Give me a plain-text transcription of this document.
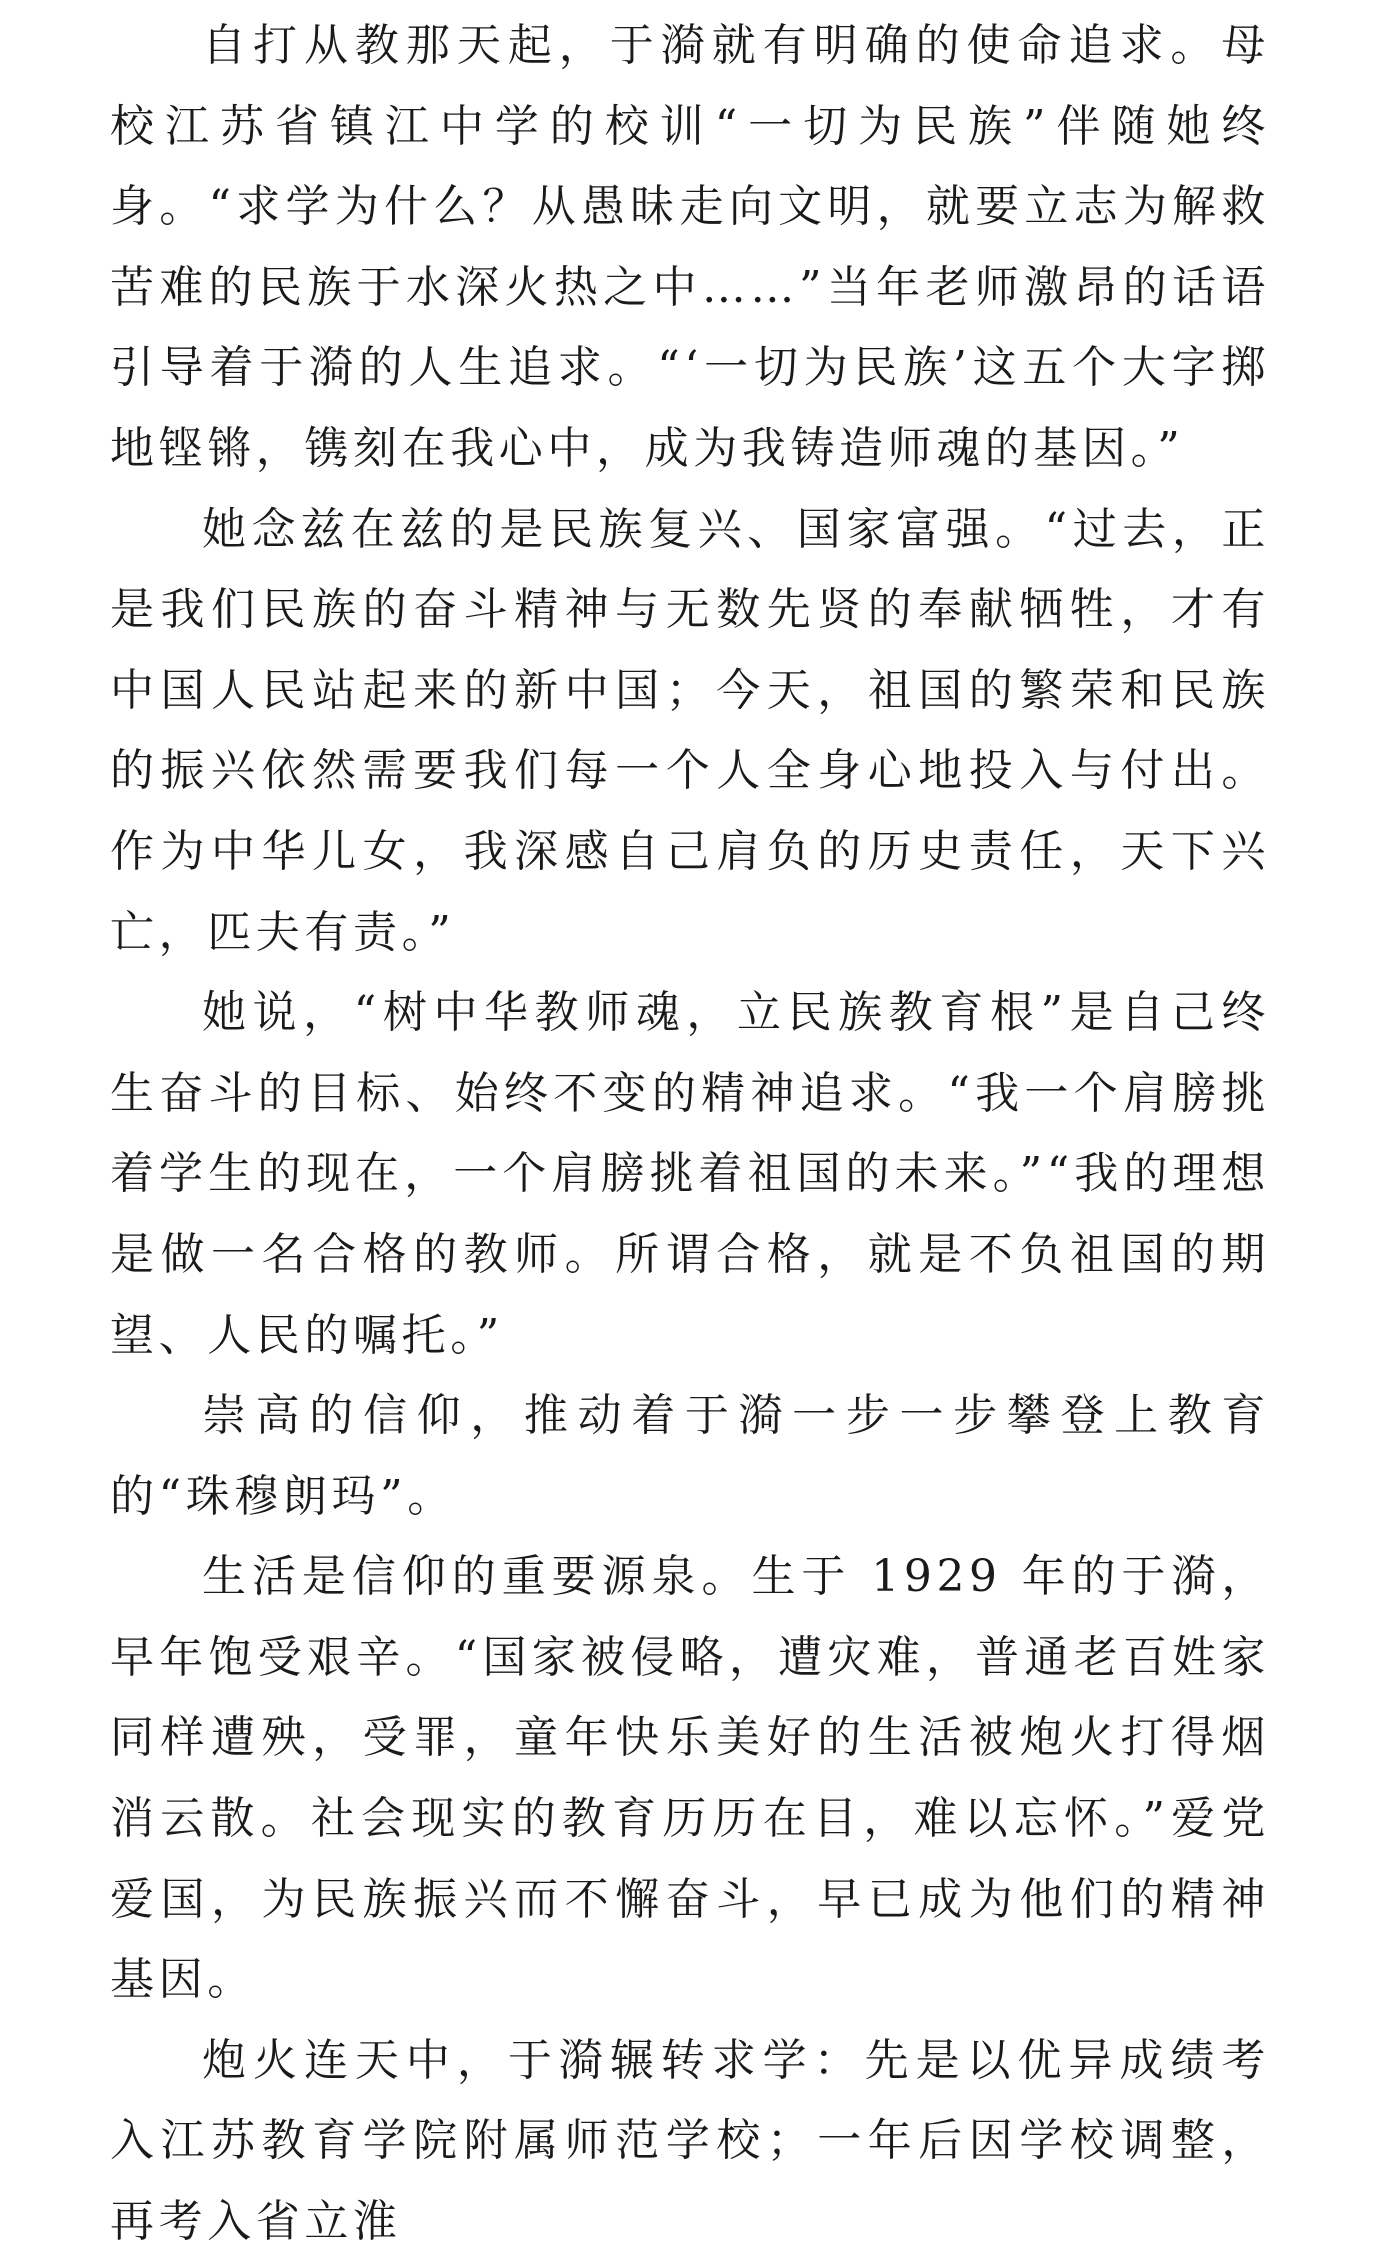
自打从教那天起，于漪就有明确的使命追求。母校江苏省镇江中学的校训“一切为民族”伴随她终身。“求学为什么？从愚昧走向文明，就要立志为解救苦难的民族于水深火热之中……”当年老师激昂的话语引导着于漪的人生追求。“‘一切为民族’这五个大字掷地铿锵，镌刻在我心中，成为我铸造师魂的基因。”

她念兹在兹的是民族复兴、国家富强。“过去，正是我们民族的奋斗精神与无数先贤的奉献牺牲，才有中国人民站起来的新中国；今天，祖国的繁荣和民族的振兴依然需要我们每一个人全身心地投入与付出。作为中华儿女，我深感自己肩负的历史责任，天下兴亡，匹夫有责。”

她说，“树中华教师魂，立民族教育根”是自己终生奋斗的目标、始终不变的精神追求。“我一个肩膀挑着学生的现在，一个肩膀挑着祖国的未来。”“我的理想是做一名合格的教师。所谓合格，就是不负祖国的期望、人民的嘱托。”

崇高的信仰，推动着于漪一步一步攀登上教育的“珠穆朗玛”。

生活是信仰的重要源泉。生于 1929 年的于漪，早年饱受艰辛。“国家被侵略，遭灾难，普通老百姓家同样遭殃，受罪，童年快乐美好的生活被炮火打得烟消云散。社会现实的教育历历在目，难以忘怀。”爱党爱国，为民族振兴而不懈奋斗，早已成为他们的精神基因。

炮火连天中，于漪辗转求学：先是以优异成绩考入江苏教育学院附属师范学校；一年后因学校调整，再考入省立淮
